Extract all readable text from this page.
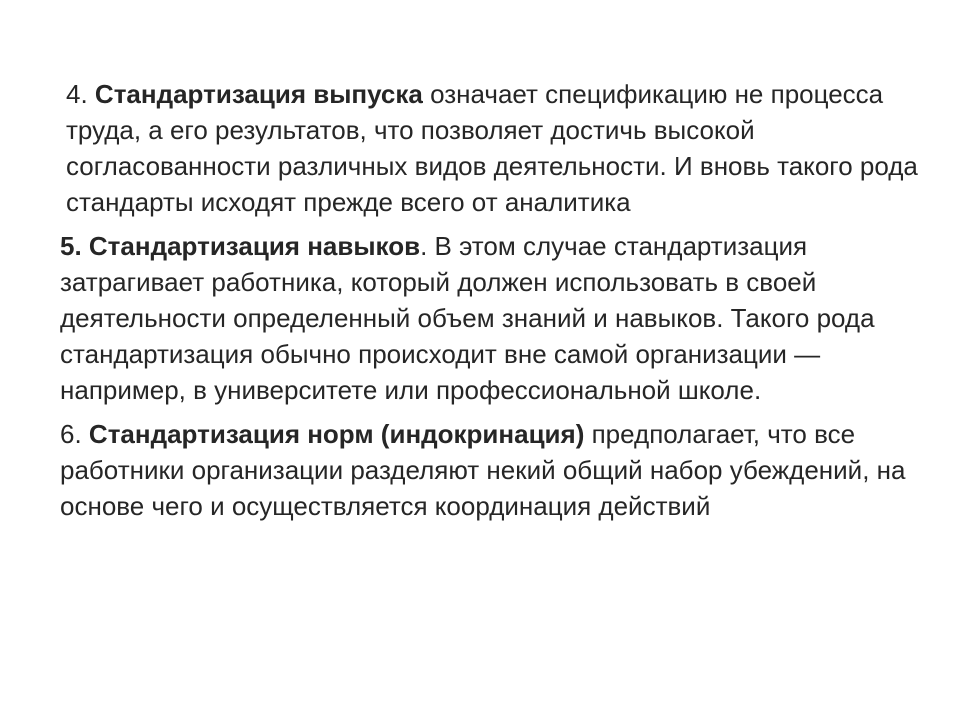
4. Стандартизация выпуска означает спецификацию не процесса труда, а его результатов, что позволяет достичь высокой согласованности различных видов деятельности. И вновь такого рода стандарты исходят прежде всего от аналитика

5. Стандартизация навыков. В этом случае стандартизация затрагивает работника, который должен использовать в своей деятельности определенный объем знаний и навыков. Такого рода стандартизация обычно происходит вне самой организации — например, в университете или профессиональной школе.

6. Стандартизация норм (индокринация) предполагает, что все работники организации разделяют некий общий набор убеждений, на основе чего и осуществляется координация действий
